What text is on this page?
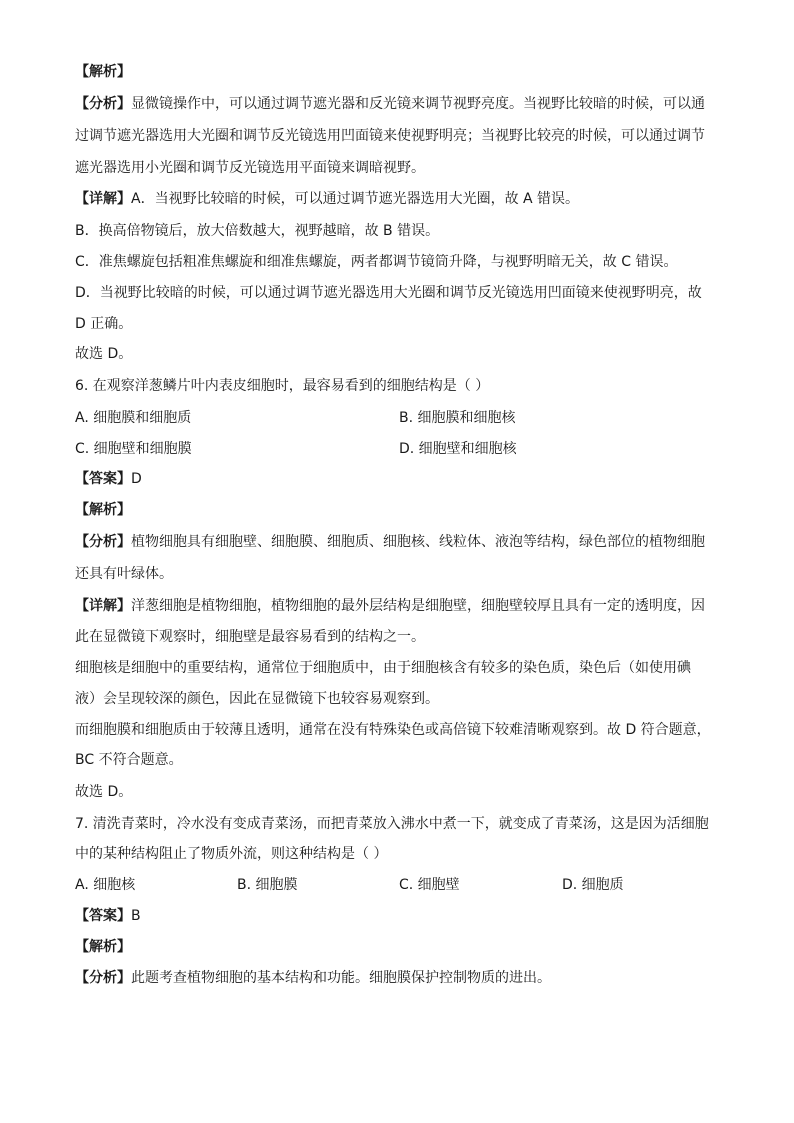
【解析】
【分析】显微镜操作中，可以通过调节遮光器和反光镜来调节视野亮度。当视野比较暗的时候，可以通
过调节遮光器选用大光圈和调节反光镜选用凹面镜来使视野明亮；当视野比较亮的时候，可以通过调节
遮光器选用小光圈和调节反光镜选用平面镜来调暗视野。
【详解】A．当视野比较暗的时候，可以通过调节遮光器选用大光圈，故 A 错误。
B．换高倍物镜后，放大倍数越大，视野越暗，故 B 错误。
C．准焦螺旋包括粗准焦螺旋和细准焦螺旋，两者都调节镜筒升降，与视野明暗无关，故 C 错误。
D．当视野比较暗的时候，可以通过调节遮光器选用大光圈和调节反光镜选用凹面镜来使视野明亮，故
D 正确。
故选 D。
6. 在观察洋葱鳞片叶内表皮细胞时，最容易看到的细胞结构是（ ）
A. 细胞膜和细胞质	B. 细胞膜和细胞核
C. 细胞壁和细胞膜	D. 细胞壁和细胞核
【答案】D
【解析】
【分析】植物细胞具有细胞壁、细胞膜、细胞质、细胞核、线粒体、液泡等结构，绿色部位的植物细胞
还具有叶绿体。
【详解】洋葱细胞是植物细胞，植物细胞的最外层结构是细胞壁，细胞壁较厚且具有一定的透明度，因
此在显微镜下观察时，细胞壁是最容易看到的结构之一。
细胞核是细胞中的重要结构，通常位于细胞质中，由于细胞核含有较多的染色质，染色后（如使用碘
液）会呈现较深的颜色，因此在显微镜下也较容易观察到。
而细胞膜和细胞质由于较薄且透明，通常在没有特殊染色或高倍镜下较难清晰观察到。故 D 符合题意，
BC 不符合题意。
故选 D。
7. 清洗青菜时，冷水没有变成青菜汤，而把青菜放入沸水中煮一下，就变成了青菜汤，这是因为活细胞
中的某种结构阻止了物质外流，则这种结构是（ ）
A. 细胞核	B. 细胞膜	C. 细胞壁	D. 细胞质
【答案】B
【解析】
【分析】此题考查植物细胞的基本结构和功能。细胞膜保护控制物质的进出。
